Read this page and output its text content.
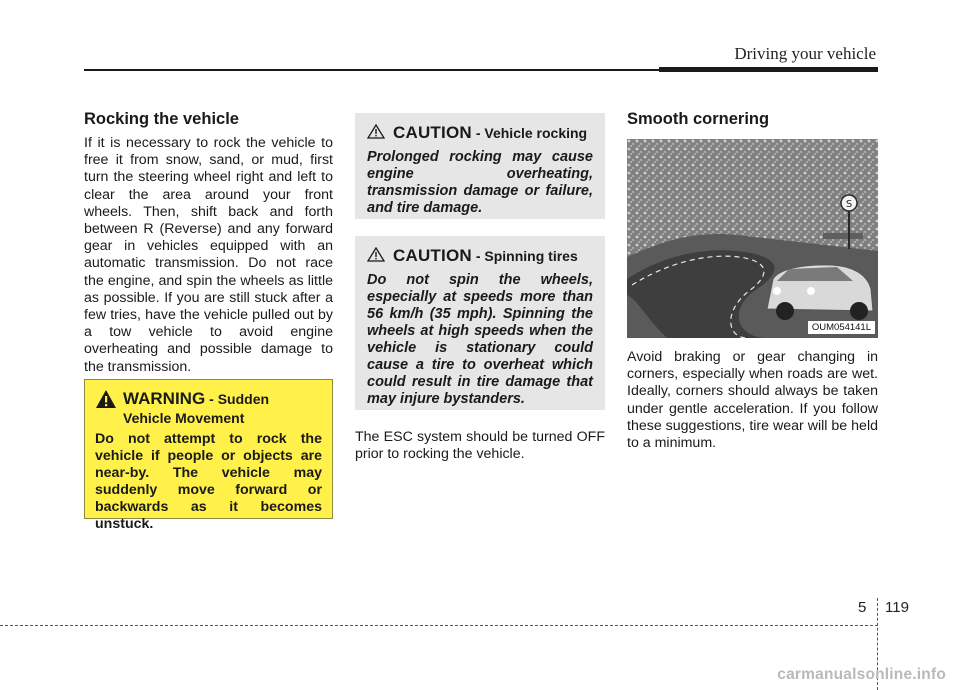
Driving your vehicle
Rocking the vehicle

If it is necessary to rock the vehicle to free it from snow, sand, or mud, first turn the steering wheel right and left to clear the area around your front wheels. Then, shift back and forth between R (Reverse) and any forward gear in vehicles equipped with an automatic transmission. Do not race the engine, and spin the wheels as little as possible. If you are still stuck after a few tries, have the vehicle pulled out by a tow vehicle to avoid engine overheating and possible damage to the transmission.

WARNING - Sudden
Vehicle Movement

Do not attempt to rock the vehicle if people or objects are near-by. The vehicle may suddenly move forward or backwards as it becomes unstuck.

CAUTION - Vehicle rocking

Prolonged rocking may cause engine overheating, transmission damage or failure, and tire damage.

CAUTION - Spinning tires

Do not spin the wheels, especially at speeds more than 56 km/h (35 mph). Spinning the wheels at high speeds when the vehicle is stationary could cause a tire to overheat which could result in tire damage that may injure bystanders.

The ESC system should be turned OFF prior to rocking the vehicle.

Smooth cornering
S
OUM054141L

Avoid braking or gear changing in corners, especially when roads are wet. Ideally, corners should always be taken under gentle acceleration. If you follow these suggestions, tire wear will be held to a minimum.

5 119
carmanualsonline.info
